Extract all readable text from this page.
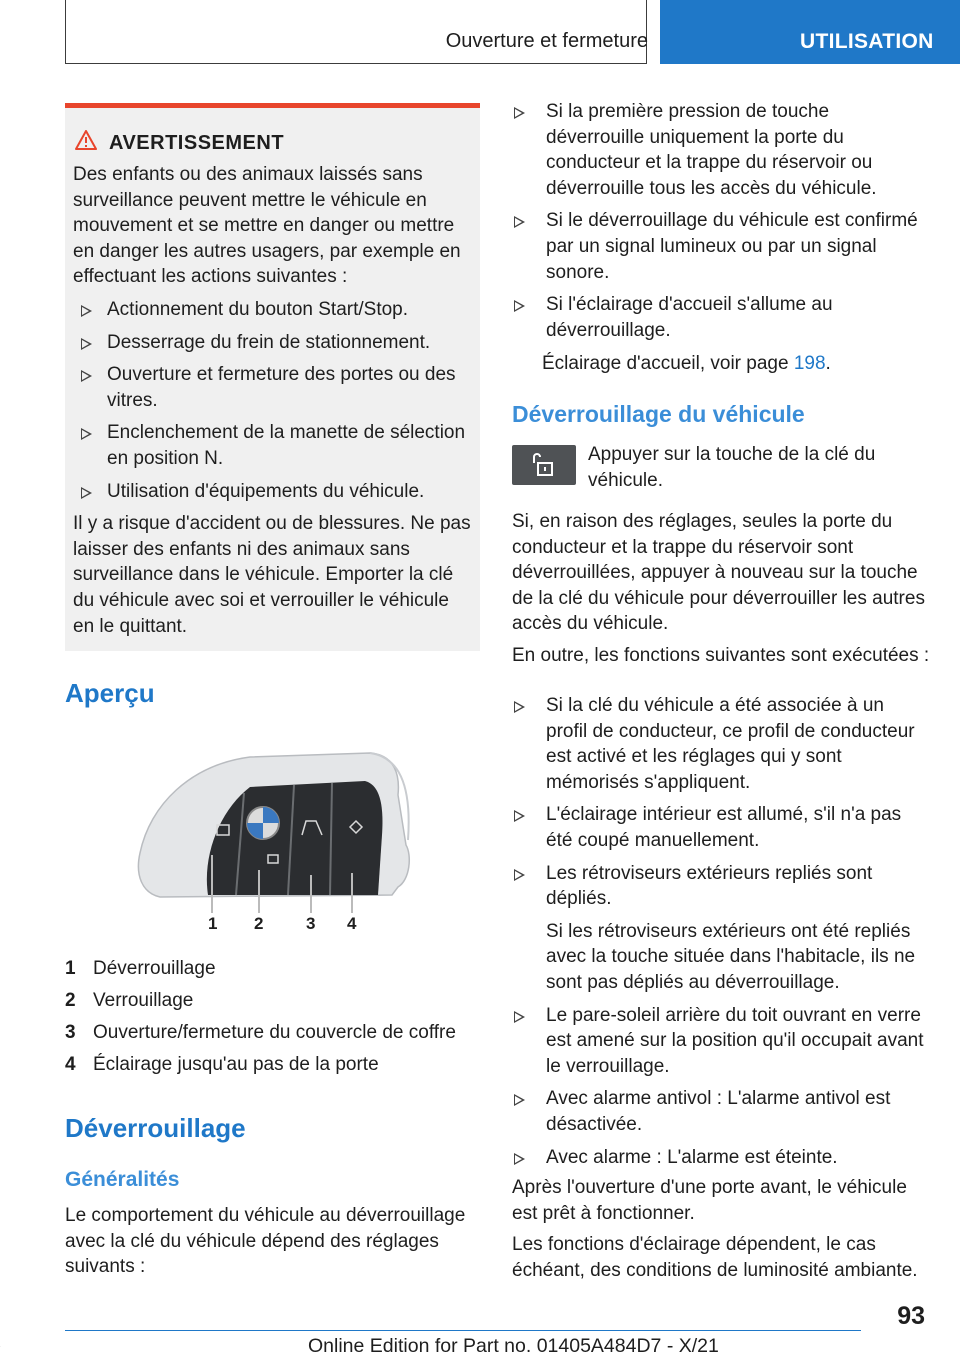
Ouverture et fermeture	UTILISATION
AVERTISSEMENT

Des enfants ou des animaux laissés sans surveillance peuvent mettre le véhicule en mouvement et se mettre en danger ou mettre en danger les autres usagers, par exemple en effectuant les actions suivantes :

Actionnement du bouton Start/Stop.
Desserrage du frein de stationnement.
Ouverture et fermeture des portes ou des vitres.
Enclenchement de la manette de sélection en position N.
Utilisation d'équipements du véhicule.

Il y a risque d'accident ou de blessures. Ne pas laisser des enfants ni des animaux sans surveillance dans le véhicule. Emporter la clé du véhicule avec soi et verrouiller le véhicule en le quittant.

Aperçu
1 2	3 4
1 Déverrouillage
2 Verrouillage
3 Ouverture/fermeture du couvercle de coffre
4 Éclairage jusqu'au pas de la porte
Déverrouillage
Généralités

Le comportement du véhicule au déverrouillage avec la clé du véhicule dépend des réglages suivants :

Si la première pression de touche déverrouille uniquement la porte du conducteur et la trappe du réservoir ou déverrouille tous les accès du véhicule.
Si le déverrouillage du véhicule est confirmé par un signal lumineux ou par un signal sonore.
Si l'éclairage d'accueil s'allume au déverrouillage.

Éclairage d'accueil, voir page 198.

Déverrouillage du véhicule

Appuyer sur la touche de la clé du véhicule.

Si, en raison des réglages, seules la porte du conducteur et la trappe du réservoir sont déverrouillées, appuyer à nouveau sur la touche de la clé du véhicule pour déverrouiller les autres accès du véhicule.

En outre, les fonctions suivantes sont exécutées :

Si la clé du véhicule a été associée à un profil de conducteur, ce profil de conducteur est activé et les réglages qui y sont mémorisés s'appliquent.
L'éclairage intérieur est allumé, s'il n'a pas été coupé manuellement.
Les rétroviseurs extérieurs repliés sont dépliés.

Si les rétroviseurs extérieurs ont été repliés avec la touche située dans l'habitacle, ils ne sont pas dépliés au déverrouillage.

Le pare-soleil arrière du toit ouvrant en verre est amené sur la position qu'il occupait avant le verrouillage.
Avec alarme antivol : L'alarme antivol est désactivée.
Avec alarme : L'alarme est éteinte.

Après l'ouverture d'une porte avant, le véhicule est prêt à fonctionner.

Les fonctions d'éclairage dépendent, le cas échéant, des conditions de luminosité ambiante.

93
Online Edition for Part no. 01405A484D7 - X/21
